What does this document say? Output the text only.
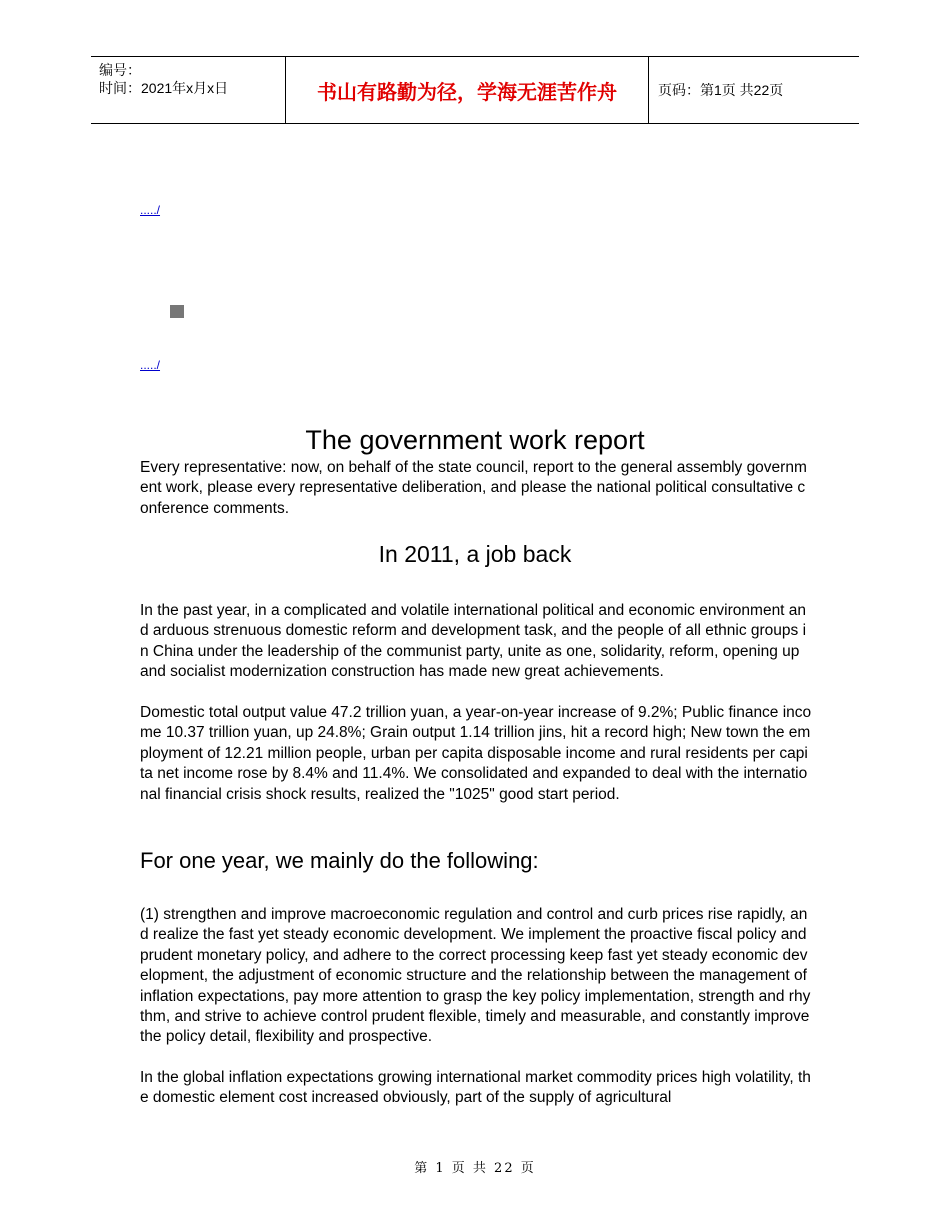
编号：
时间：2021年x月x日	书山有路勤为径，学海无涯苦作舟	页码：第1页 共22页
...../
...../
The government work report

Every representative: now, on behalf of the state council, report to the general assembly government work, please every representative deliberation, and please the national political consultative conference comments.

In 2011, a job back

In the past year, in a complicated and volatile international political and economic environment and arduous strenuous domestic reform and development task, and the people of all ethnic groups in China under the leadership of the communist party, unite as one, solidarity, reform, opening up and socialist modernization construction has made new great achievements.

Domestic total output value 47.2 trillion yuan, a year-on-year increase of 9.2%; Public finance income 10.37 trillion yuan, up 24.8%; Grain output 1.14 trillion jins, hit a record high; New town the employment of 12.21 million people, urban per capita disposable income and rural residents per capita net income rose by 8.4% and 11.4%. We consolidated and expanded to deal with the international financial crisis shock results, realized the "1025" good start period.

For one year, we mainly do the following:

(1) strengthen and improve macroeconomic regulation and control and curb prices rise rapidly, and realize the fast yet steady economic development. We implement the proactive fiscal policy and prudent monetary policy, and adhere to the correct processing keep fast yet steady economic development, the adjustment of economic structure and the relationship between the management of inflation expectations, pay more attention to grasp the key policy implementation, strength and rhythm, and strive to achieve control prudent flexible, timely and measurable, and constantly improve the policy detail, flexibility and prospective.

In the global inflation expectations growing international market commodity prices high volatility, the domestic element cost increased obviously, part of the supply of agricultural

第 1 页 共 22 页
